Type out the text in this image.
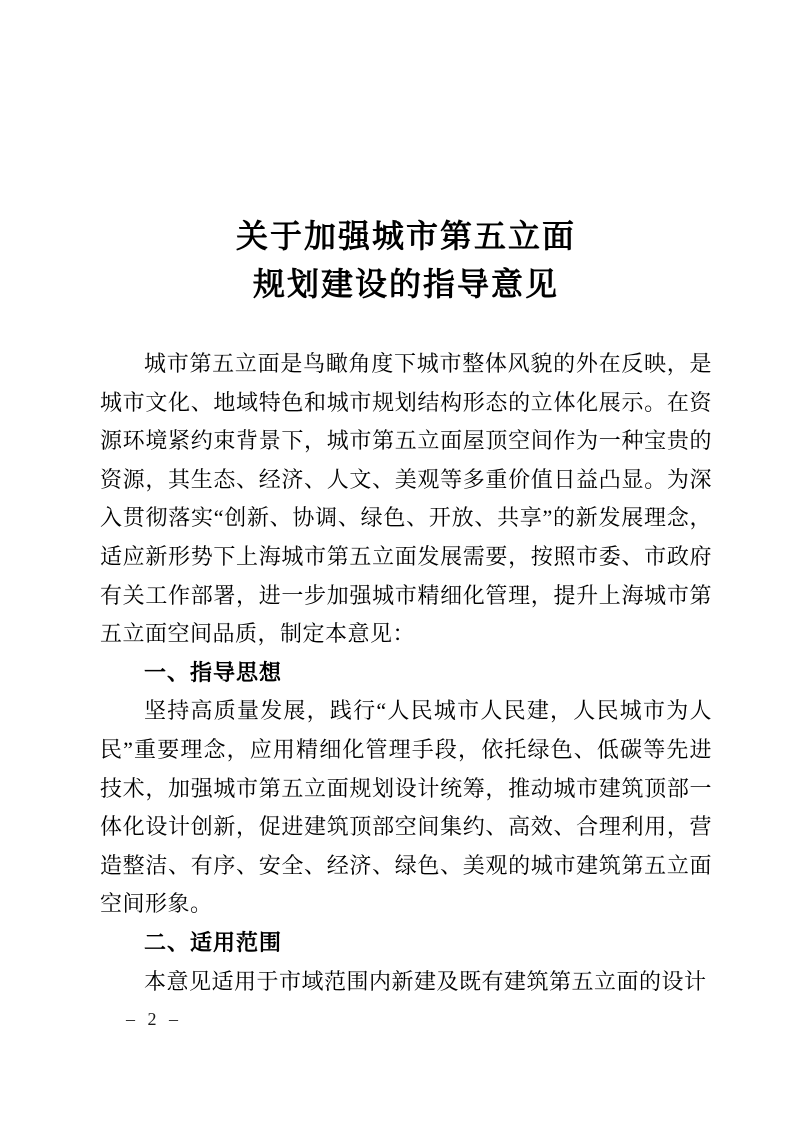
关于加强城市第五立面
规划建设的指导意见

城市第五立面是鸟瞰角度下城市整体风貌的外在反映，是城市文化、地域特色和城市规划结构形态的立体化展示。在资源环境紧约束背景下，城市第五立面屋顶空间作为一种宝贵的资源，其生态、经济、人文、美观等多重价值日益凸显。为深入贯彻落实“创新、协调、绿色、开放、共享”的新发展理念，适应新形势下上海城市第五立面发展需要，按照市委、市政府有关工作部署，进一步加强城市精细化管理，提升上海城市第五立面空间品质，制定本意见：

一、指导思想

坚持高质量发展，践行“人民城市人民建，人民城市为人民”重要理念，应用精细化管理手段，依托绿色、低碳等先进技术，加强城市第五立面规划设计统筹，推动城市建筑顶部一体化设计创新，促进建筑顶部空间集约、高效、合理利用，营造整洁、有序、安全、经济、绿色、美观的城市建筑第五立面空间形象。

二、适用范围

本意见适用于市域范围内新建及既有建筑第五立面的设计

– 2 –
